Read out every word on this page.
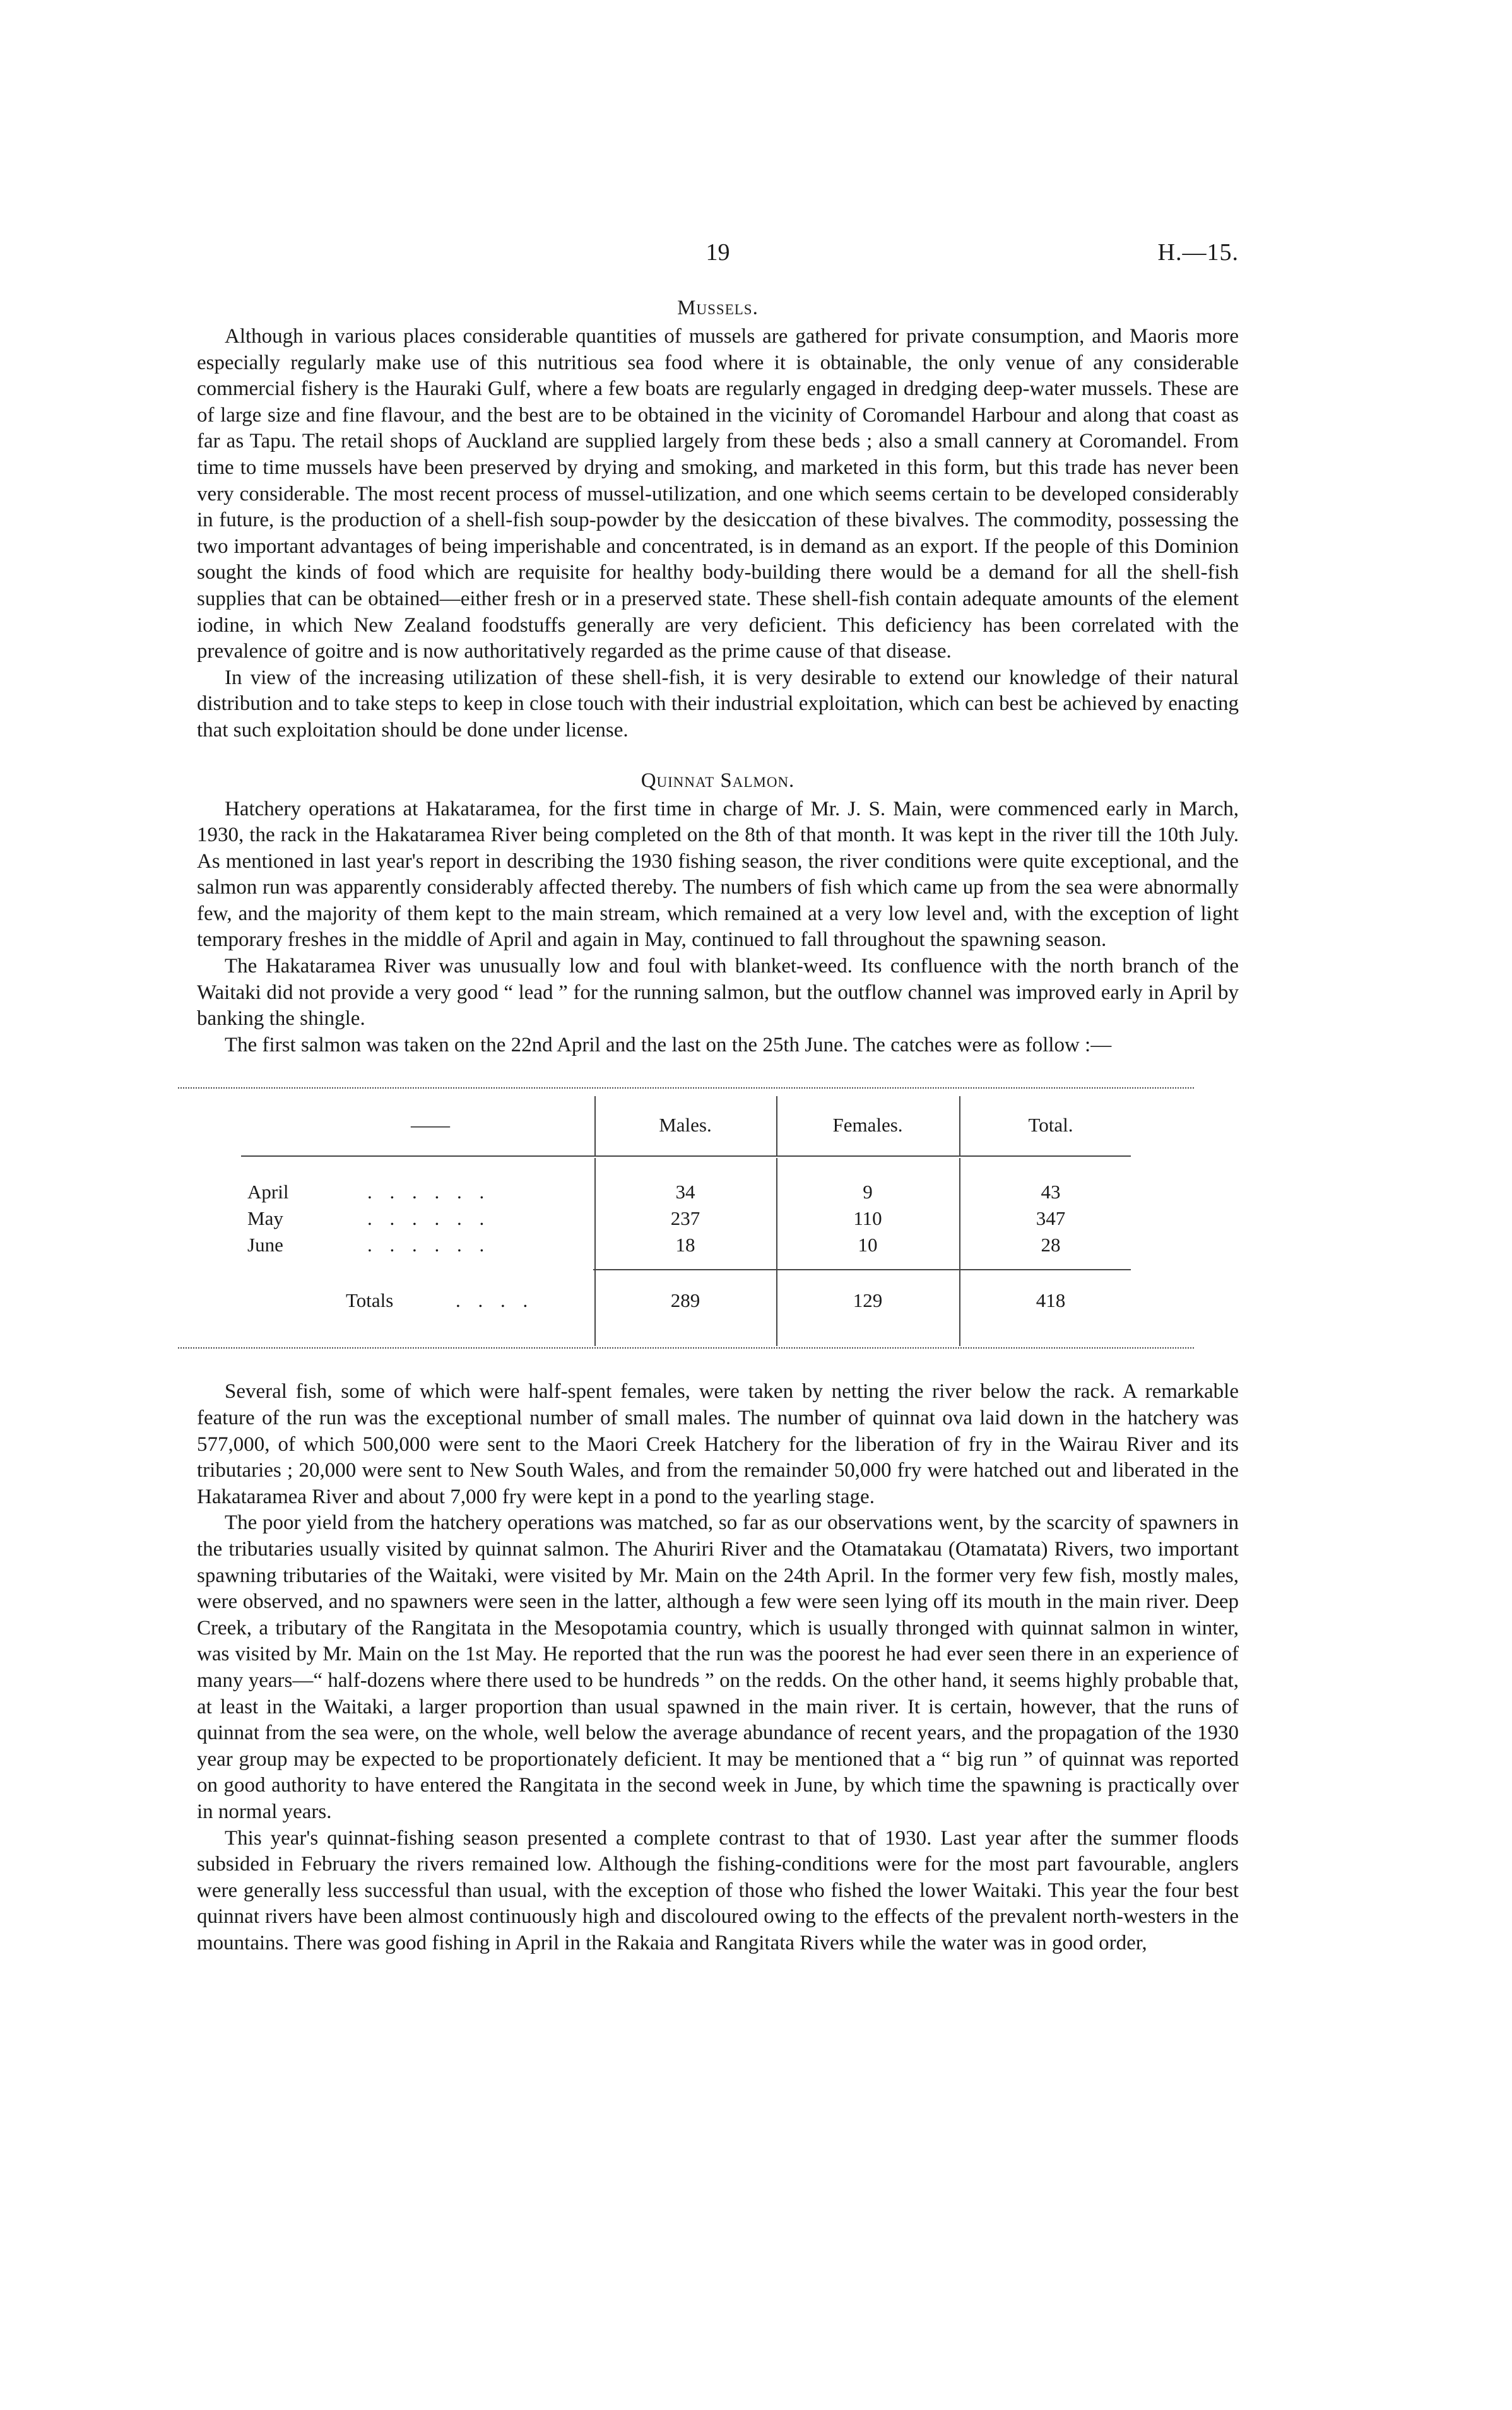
19	H.—15.
Mussels.

Although in various places considerable quantities of mussels are gathered for private consumption, and Maoris more especially regularly make use of this nutritious sea food where it is obtainable, the only venue of any considerable commercial fishery is the Hauraki Gulf, where a few boats are regularly engaged in dredging deep-water mussels. These are of large size and fine flavour, and the best are to be obtained in the vicinity of Coromandel Harbour and along that coast as far as Tapu. The retail shops of Auckland are supplied largely from these beds ; also a small cannery at Coromandel. From time to time mussels have been preserved by drying and smoking, and marketed in this form, but this trade has never been very considerable. The most recent process of mussel-utilization, and one which seems certain to be developed considerably in future, is the production of a shell-fish soup-powder by the desiccation of these bivalves. The commodity, possessing the two important advantages of being imperishable and concentrated, is in demand as an export. If the people of this Dominion sought the kinds of food which are requisite for healthy body-building there would be a demand for all the shell-fish supplies that can be obtained—either fresh or in a preserved state. These shell-fish contain adequate amounts of the element iodine, in which New Zealand foodstuffs generally are very deficient. This deficiency has been correlated with the prevalence of goitre and is now authoritatively regarded as the prime cause of that disease.

In view of the increasing utilization of these shell-fish, it is very desirable to extend our knowledge of their natural distribution and to take steps to keep in close touch with their industrial exploitation, which can best be achieved by enacting that such exploitation should be done under license.

Quinnat Salmon.

Hatchery operations at Hakataramea, for the first time in charge of Mr. J. S. Main, were commenced early in March, 1930, the rack in the Hakataramea River being completed on the 8th of that month. It was kept in the river till the 10th July. As mentioned in last year's report in describing the 1930 fishing season, the river conditions were quite exceptional, and the salmon run was apparently considerably affected thereby. The numbers of fish which came up from the sea were abnormally few, and the majority of them kept to the main stream, which remained at a very low level and, with the exception of light temporary freshes in the middle of April and again in May, continued to fall throughout the spawning season.

The Hakataramea River was unusually low and foul with blanket-weed. Its confluence with the north branch of the Waitaki did not provide a very good “ lead ” for the running salmon, but the outflow channel was improved early in April by banking the shingle.

The first salmon was taken on the 22nd April and the last on the 25th June. The catches were as follow :—

——	Males.	Females.	Total.
April	. . . . . .	34	9	43
May	. . . . . .	237	110	347
June	. . . . . .	18	10	28
Totals	. . . .	289	129	418

Several fish, some of which were half-spent females, were taken by netting the river below the rack. A remarkable feature of the run was the exceptional number of small males. The number of quinnat ova laid down in the hatchery was 577,000, of which 500,000 were sent to the Maori Creek Hatchery for the liberation of fry in the Wairau River and its tributaries ; 20,000 were sent to New South Wales, and from the remainder 50,000 fry were hatched out and liberated in the Hakataramea River and about 7,000 fry were kept in a pond to the yearling stage.

The poor yield from the hatchery operations was matched, so far as our observations went, by the scarcity of spawners in the tributaries usually visited by quinnat salmon. The Ahuriri River and the Otamatakau (Otamatata) Rivers, two important spawning tributaries of the Waitaki, were visited by Mr. Main on the 24th April. In the former very few fish, mostly males, were observed, and no spawners were seen in the latter, although a few were seen lying off its mouth in the main river. Deep Creek, a tributary of the Rangitata in the Mesopotamia country, which is usually thronged with quinnat salmon in winter, was visited by Mr. Main on the 1st May. He reported that the run was the poorest he had ever seen there in an experience of many years—“ half-dozens where there used to be hundreds ” on the redds. On the other hand, it seems highly probable that, at least in the Waitaki, a larger proportion than usual spawned in the main river. It is certain, however, that the runs of quinnat from the sea were, on the whole, well below the average abundance of recent years, and the propagation of the 1930 year group may be expected to be proportionately deficient. It may be mentioned that a “ big run ” of quinnat was reported on good authority to have entered the Rangitata in the second week in June, by which time the spawning is practically over in normal years.

This year's quinnat-fishing season presented a complete contrast to that of 1930. Last year after the summer floods subsided in February the rivers remained low. Although the fishing-conditions were for the most part favourable, anglers were generally less successful than usual, with the exception of those who fished the lower Waitaki. This year the four best quinnat rivers have been almost continuously high and discoloured owing to the effects of the prevalent north-westers in the mountains. There was good fishing in April in the Rakaia and Rangitata Rivers while the water was in good order,
